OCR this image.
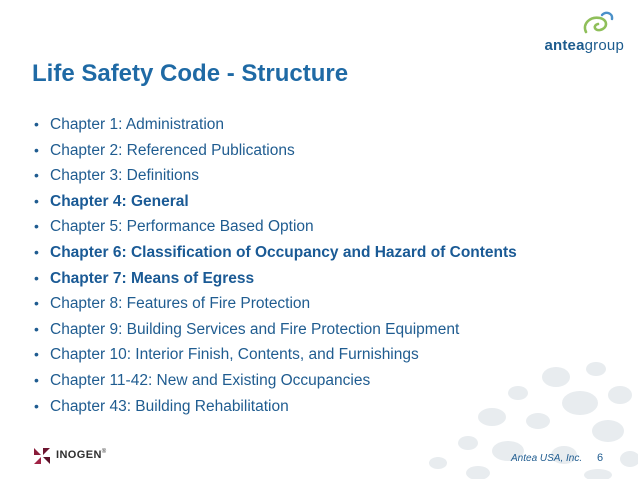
anteagroup
Life Safety Code - Structure
• Chapter 1: Administration
• Chapter 2: Referenced Publications
• Chapter 3: Definitions
• Chapter 4: General
• Chapter 5: Performance Based Option
• Chapter 6: Classification of Occupancy and Hazard of Contents
• Chapter 7: Means of Egress
• Chapter 8: Features of Fire Protection
• Chapter 9: Building Services and Fire Protection Equipment
• Chapter 10: Interior Finish, Contents, and Furnishings
• Chapter 11-42: New and Existing Occupancies
• Chapter 43: Building Rehabilitation
INOGEN®
Antea USA, Inc. 6
